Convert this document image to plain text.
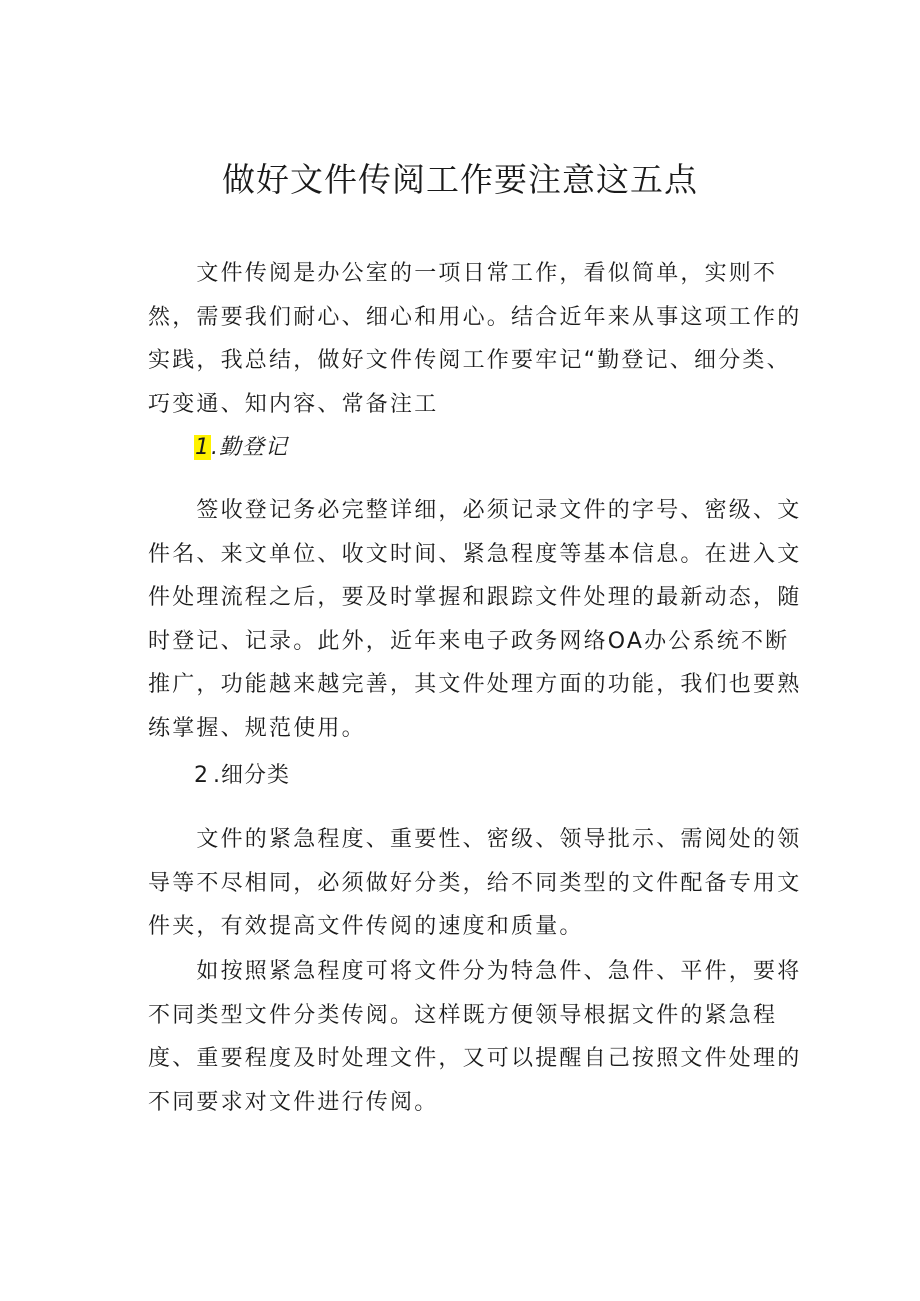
做好文件传阅工作要注意这五点

文件传阅是办公室的一项日常工作，看似简单，实则不然，需要我们耐心、细心和用心。结合近年来从事这项工作的实践，我总结，做好文件传阅工作要牢记“勤登记、细分类、巧变通、知内容、常备注工

1.勤登记

签收登记务必完整详细，必须记录文件的字号、密级、文件名、来文单位、收文时间、紧急程度等基本信息。在进入文件处理流程之后，要及时掌握和跟踪文件处理的最新动态，随时登记、记录。此外，近年来电子政务网络OA办公系统不断推广，功能越来越完善，其文件处理方面的功能，我们也要熟练掌握、规范使用。

2 .细分类

文件的紧急程度、重要性、密级、领导批示、需阅处的领导等不尽相同，必须做好分类，给不同类型的文件配备专用文件夹，有效提高文件传阅的速度和质量。

如按照紧急程度可将文件分为特急件、急件、平件，要将不同类型文件分类传阅。这样既方便领导根据文件的紧急程度、重要程度及时处理文件，又可以提醒自己按照文件处理的不同要求对文件进行传阅。
